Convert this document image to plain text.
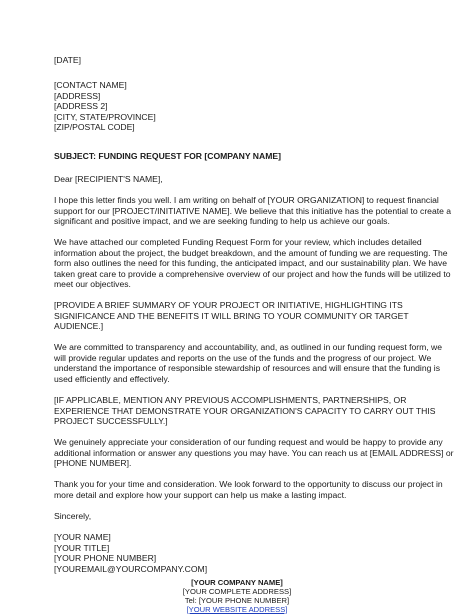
[DATE]
[CONTACT NAME]
[ADDRESS]
[ADDRESS 2]
[CITY, STATE/PROVINCE]
[ZIP/POSTAL CODE]
SUBJECT: FUNDING REQUEST FOR [COMPANY NAME]
Dear [RECIPIENT'S NAME],
I hope this letter finds you well. I am writing on behalf of [YOUR ORGANIZATION] to request financial
support for our [PROJECT/INITIATIVE NAME]. We believe that this initiative has the potential to create a
significant and positive impact, and we are seeking funding to help us achieve our goals.
We have attached our completed Funding Request Form for your review, which includes detailed
information about the project, the budget breakdown, and the amount of funding we are requesting. The
form also outlines the need for this funding, the anticipated impact, and our sustainability plan. We have
taken great care to provide a comprehensive overview of our project and how the funds will be utilized to
meet our objectives.
[PROVIDE A BRIEF SUMMARY OF YOUR PROJECT OR INITIATIVE, HIGHLIGHTING ITS
SIGNIFICANCE AND THE BENEFITS IT WILL BRING TO YOUR COMMUNITY OR TARGET
AUDIENCE.]
We are committed to transparency and accountability, and, as outlined in our funding request form, we
will provide regular updates and reports on the use of the funds and the progress of our project. We
understand the importance of responsible stewardship of resources and will ensure that the funding is
used efficiently and effectively.
[IF APPLICABLE, MENTION ANY PREVIOUS ACCOMPLISHMENTS, PARTNERSHIPS, OR
EXPERIENCE THAT DEMONSTRATE YOUR ORGANIZATION'S CAPACITY TO CARRY OUT THIS
PROJECT SUCCESSFULLY.]
We genuinely appreciate your consideration of our funding request and would be happy to provide any
additional information or answer any questions you may have. You can reach us at [EMAIL ADDRESS] or
[PHONE NUMBER].
Thank you for your time and consideration. We look forward to the opportunity to discuss our project in
more detail and explore how your support can help us make a lasting impact.
Sincerely,
[YOUR NAME]
[YOUR TITLE]
[YOUR PHONE NUMBER]
[YOUREMAIL@YOURCOMPANY.COM]
[YOUR COMPANY NAME]
[YOUR COMPLETE ADDRESS]
Tel: [YOUR PHONE NUMBER]
[YOUR WEBSITE ADDRESS]
